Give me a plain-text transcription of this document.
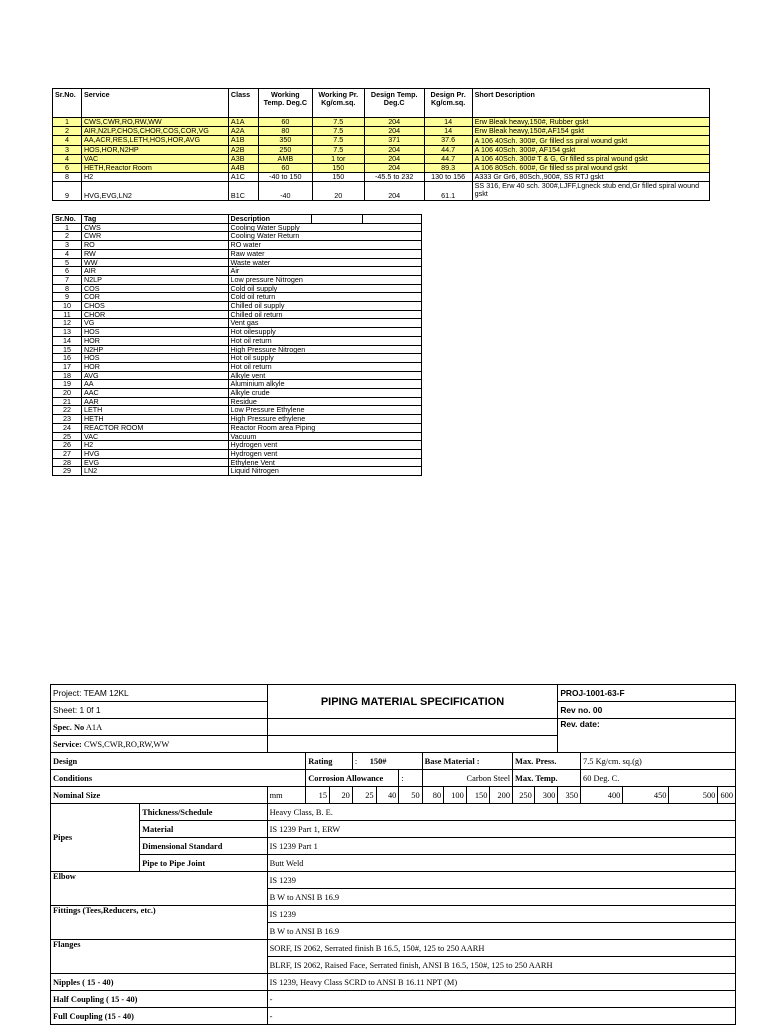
Sr.No.	Service	Class	Working Temp. Deg.C	Working Pr. Kg/cm.sq.	Design Temp. Deg.C	Design Pr. Kg/cm.sq.	Short Description
1	CWS,CWR,RO,RW,WW	A1A	60	7.5	204	14	Erw Bleak heavy,150#, Rubber gskt
2	AIR,N2LP,CHOS,CHOR,COS,COR,VG	A2A	80	7.5	204	14	Erw Bleak heavy,150#,AF154 gskt
4	AA,ACR,RES,LETH,HOS,HOR,AVG	A1B	350	7.5	371	37.6	A 106 40Sch. 300#, Gr filled ss piral wound gskt
3	HOS,HOR,N2HP	A2B	250	7.5	204	44.7	A 106 40Sch. 300#, AF154 gskt
4	VAC	A3B	AMB	1 tor	204	44.7	A 106 40Sch. 300# T & G, Gr filled ss piral wound gskt
6	HETH,Reactor Room	A4B	60	150	204	89.3	A 106 80Sch. 600#, Gr filled ss piral wound gskt
8	H2	A1C	-40 to 150	150	-45.5 to 232	130 to 156	A333 Gr Gr6, 80Sch.,900#, SS RTJ gskt
9	HVG,EVG,LN2	B1C	-40	20	204	61.1	SS 316, Erw 40 sch. 300#,LJFF,Lgneck stub end,Gr filled spiral wound gskt
Sr.No.	Tag	Description		
1	CWS	Cooling Water Supply		
2	CWR	Cooling Water Return		
3	RO	RO water		
4	RW	Raw water		
5	WW	Waste water		
6	AIR	Air		
7	N2LP	Low pressure Nitrogen		
8	COS	Cold oil supply		
9	COR	Cold oil return		
10	CHOS	Chilled oil supply		
11	CHOR	Chilled oil return		
12	VG	Vent gas		
13	HOS	Hot oilesupply		
14	HOR	Hot oil return		
15	N2HP	High Pressure Nitrogen		
16	HOS	Hot oil supply		
17	HOR	Hot oil return		
18	AVG	Alkyle vent		
19	AA	Aluminium alkyle		
20	AAC	Alkyle crude		
21	AAR	Residue		
22	LETH	Low Pressure Ethylene		
23	HETH	High Pressure ethylene		
24	REACTOR ROOM	Reactor Room area Piping		
25	VAC	Vacuum		
26	H2	Hydrogen vent		
27	HVG	Hydrogen vent		
28	EVG	Ethylene Vent		
29	LN2	Liquid Nitrogen		
Project: TEAM 12KL		PIPING MATERIAL SPECIFICATION												PROJ-1001-63-F				
Sheet: 1 0f 1														Rev no. 00				
Spec. No A1A														Rev. date:				
Service: CWS,CWR,RO,RW,WW																		
Design			Rating		: 150#			Base Material :				Max. Press.			7.5 Kg/cm. sq.(g)			
Conditions			Corrosion Allowance				:	Carbon Steel				Max. Temp.			60 Deg. C.			
Nominal Size		mm	15	20	25	40	50	80	100	150	200	250	300	350	400	450	500	600
Pipes	Thickness/Schedule	Heavy Class, B. E.																
	Material	IS 1239 Part 1, ERW																
	Dimensional Standard	IS 1239 Part 1																
	Pipe to Pipe Joint	Butt Weld																
Elbow		IS 1239																
		B W to ANSI B 16.9																
Fittings (Tees,Reducers, etc.)		IS 1239																
		B W to ANSI B 16.9																
Flanges		SORF, IS 2062, Serrated finish B 16.5, 150#, 125 to 250 AARH																
		BLRF, IS 2062, Raised Face, Serrated finish, ANSI B 16.5, 150#, 125 to 250 AARH																
Nipples ( 15 - 40)		IS 1239, Heavy Class SCRD to ANSI B 16.11 NPT (M)																
Half Coupling ( 15 - 40)		-																
Full Coupling (15 - 40)		-																
